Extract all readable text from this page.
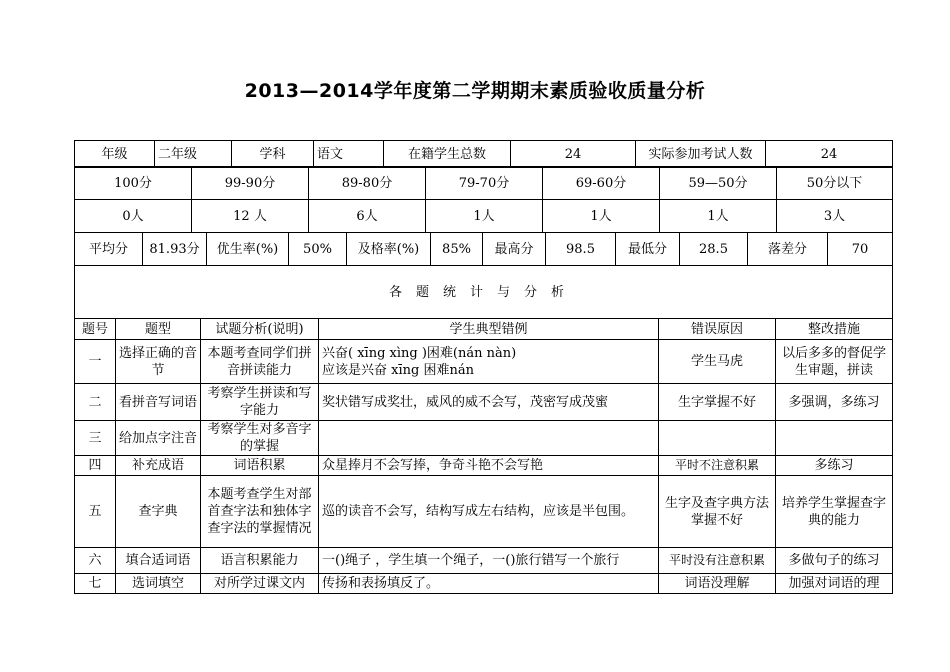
2013—2014学年度第二学期期末素质验收质量分析
年级	二年级	学科	语文	在籍学生总数	24	实际参加考试人数	24
100分	99-90分	89-80分	79-70分	69-60分	59—50分	50分以下
0人	12 人	6人	1人	1人	1人	3人
平均分	81.93分	优生率(%)	50%	及格率(%)	85%	最高分	98.5	最低分	28.5	落差分	70
各题统计与分析					
题号	题型	试题分析(说明)	学生典型错例	错误原因	整改措施
一	选择正确的音节	本题考查同学们拼音拼读能力	兴奋( xīng xìng )困难(nán nàn)
应该是兴奋 xīng 困难nán	学生马虎	以后多多的督促学生审题，拼读
二	看拼音写词语	考察学生拼读和写字能力	奖状错写成奖壮，威风的威不会写，茂密写成茂蜜	生字掌握不好	多强调，多练习
三	给加点字注音	考察学生对多音字的掌握			
四	补充成语	词语积累	众星捧月不会写捧，争奇斗艳不会写艳	平时不注意积累	多练习
五	查字典	本题考查学生对部首查字法和独体字查字法的掌握情况	巡的读音不会写，结构写成左右结构，应该是半包围。	生字及查字典方法掌握不好	培养学生掌握查字典的能力
六	填合适词语	语言积累能力	一()绳子 ，学生填一个绳子，一()旅行错写一个旅行	平时没有注意积累	多做句子的练习
七	选词填空	对所学过课文内	传扬和表扬填反了。	词语没理解	加强对词语的理
